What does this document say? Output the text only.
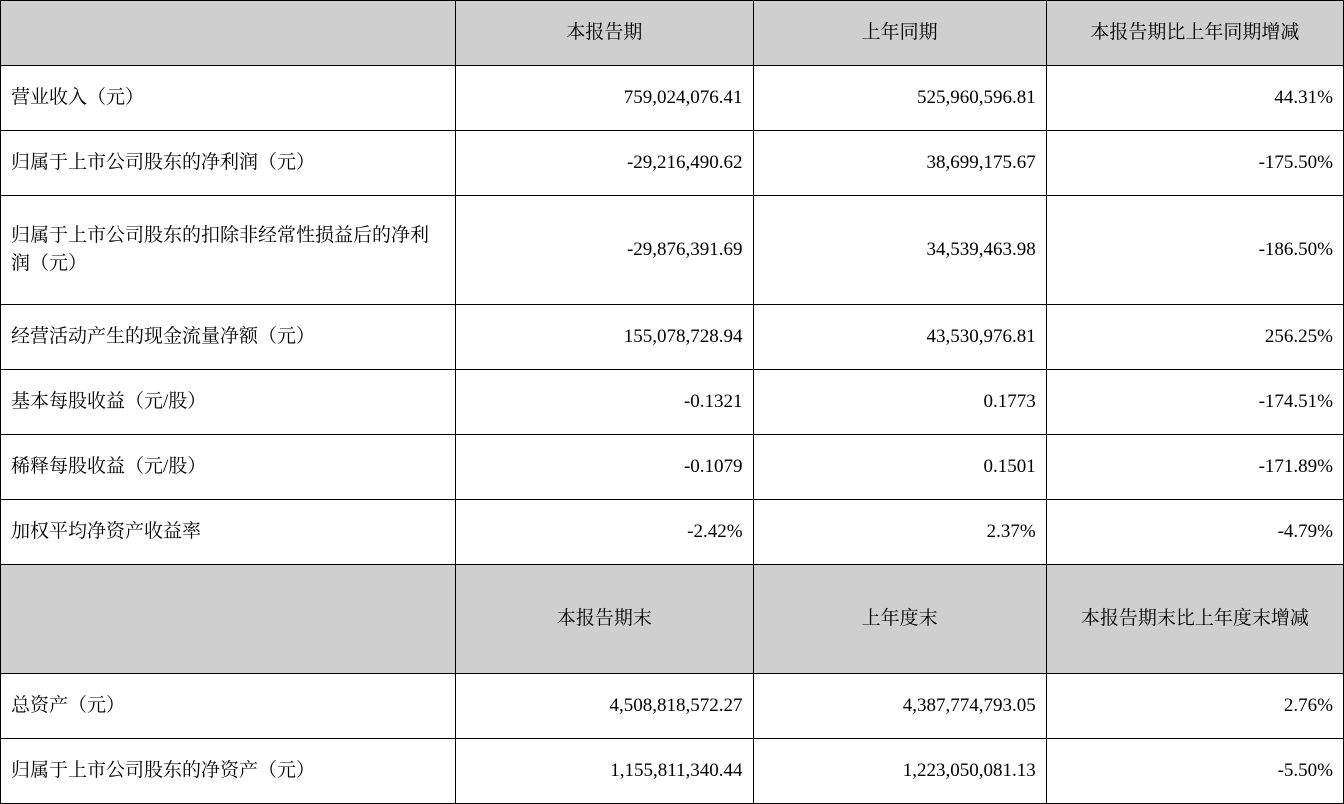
	本报告期	上年同期	本报告期比上年同期增减
营业收入（元）	759,024,076.41	525,960,596.81	44.31%
归属于上市公司股东的净利润（元）	-29,216,490.62	38,699,175.67	-175.50%
归属于上市公司股东的扣除非经常性损益后的净利润（元）	-29,876,391.69	34,539,463.98	-186.50%
经营活动产生的现金流量净额（元）	155,078,728.94	43,530,976.81	256.25%
基本每股收益（元/股）	-0.1321	0.1773	-174.51%
稀释每股收益（元/股）	-0.1079	0.1501	-171.89%
加权平均净资产收益率	-2.42%	2.37%	-4.79%
	本报告期末	上年度末	本报告期末比上年度末增减
总资产（元）	4,508,818,572.27	4,387,774,793.05	2.76%
归属于上市公司股东的净资产（元）	1,155,811,340.44	1,223,050,081.13	-5.50%
